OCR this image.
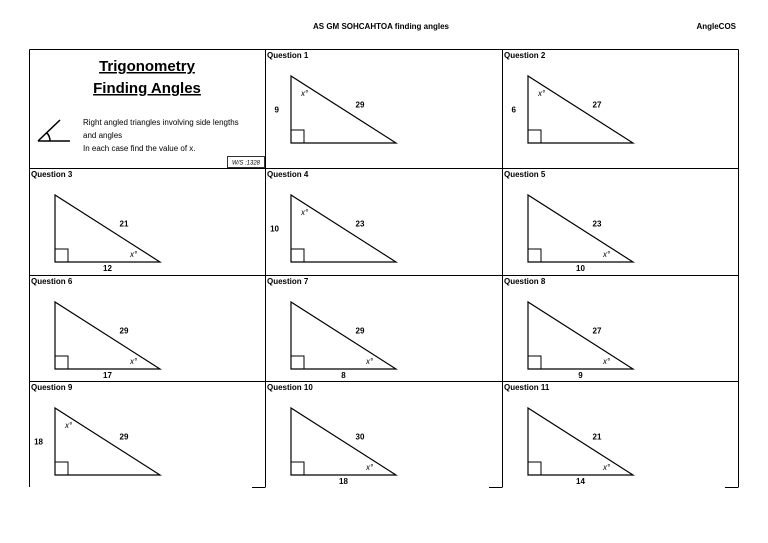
AS GM SOHCAHTOA finding angles	AngleCOS
Trigonometry
Finding Angles
Right angled triangles involving side lengths
and angles
In each case find the value of x.
W/S :1328
Question 1
29
x°
9
Question 2
27
x°
6
Question 3
21
x°
12
Question 4
23
x°
10
Question 5
23
x°
10
Question 6
29
x°
17
Question 7
29
x°
8
Question 8
27
x°
9
Question 9
29
x°
18
Question 10
30
x°
18
Question 11
21
x°
14
